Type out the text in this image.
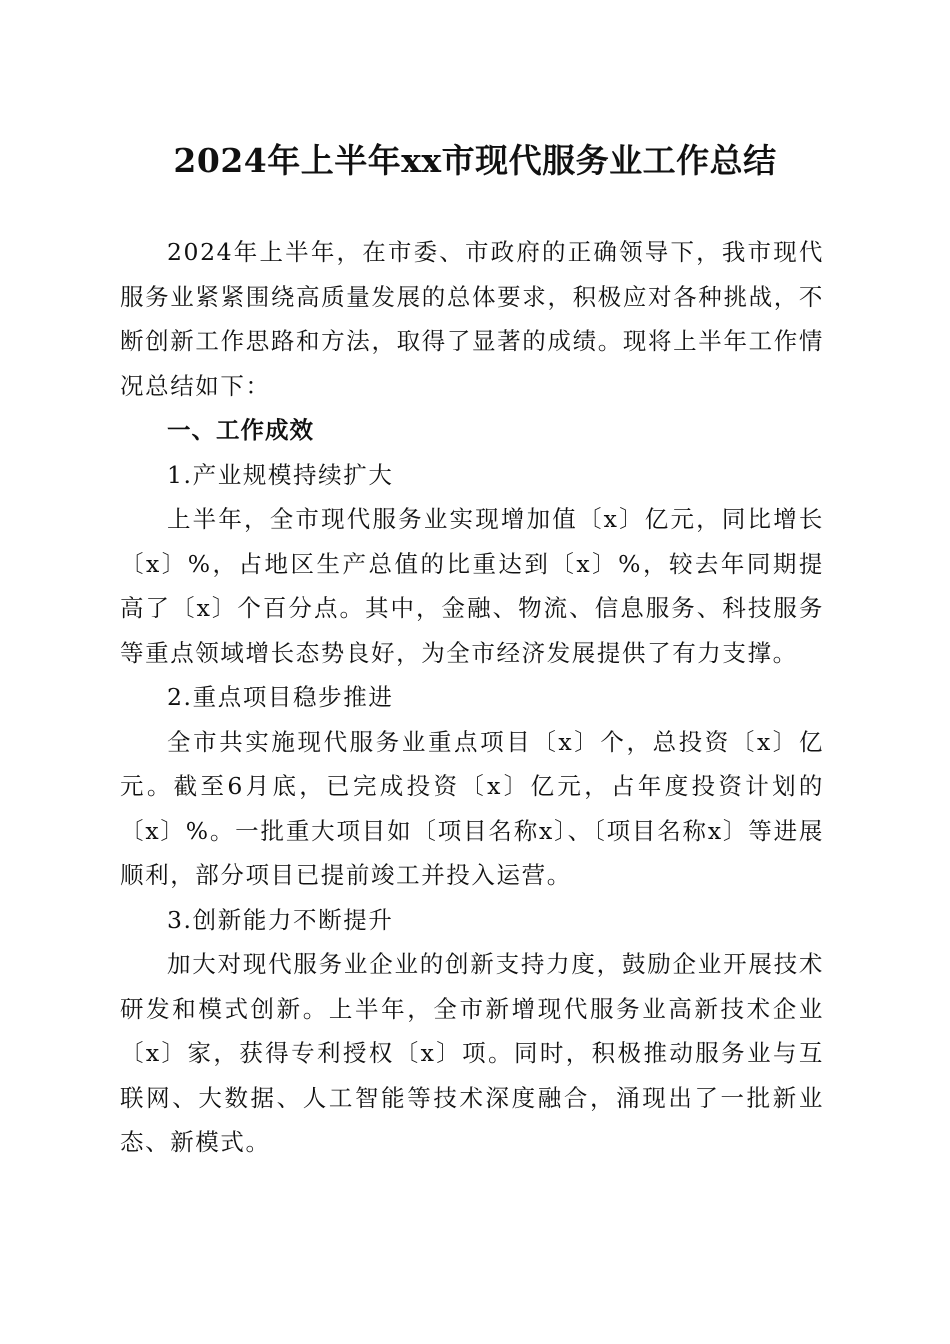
2024年上半年xx市现代服务业工作总结

2024年上半年，在市委、市政府的正确领导下，我市现代服务业紧紧围绕高质量发展的总体要求，积极应对各种挑战，不断创新工作思路和方法，取得了显著的成绩。现将上半年工作情况总结如下：

一、工作成效

1.产业规模持续扩大

上半年，全市现代服务业实现增加值〔x〕亿元，同比增长〔x〕%，占地区生产总值的比重达到〔x〕%，较去年同期提高了〔x〕个百分点。其中，金融、物流、信息服务、科技服务等重点领域增长态势良好，为全市经济发展提供了有力支撑。

2.重点项目稳步推进

全市共实施现代服务业重点项目〔x〕个，总投资〔x〕亿元。截至6月底，已完成投资〔x〕亿元，占年度投资计划的〔x〕%。一批重大项目如〔项目名称x〕、〔项目名称x〕等进展顺利，部分项目已提前竣工并投入运营。

3.创新能力不断提升

加大对现代服务业企业的创新支持力度，鼓励企业开展技术研发和模式创新。上半年，全市新增现代服务业高新技术企业〔x〕家，获得专利授权〔x〕项。同时，积极推动服务业与互联网、大数据、人工智能等技术深度融合，涌现出了一批新业态、新模式。
